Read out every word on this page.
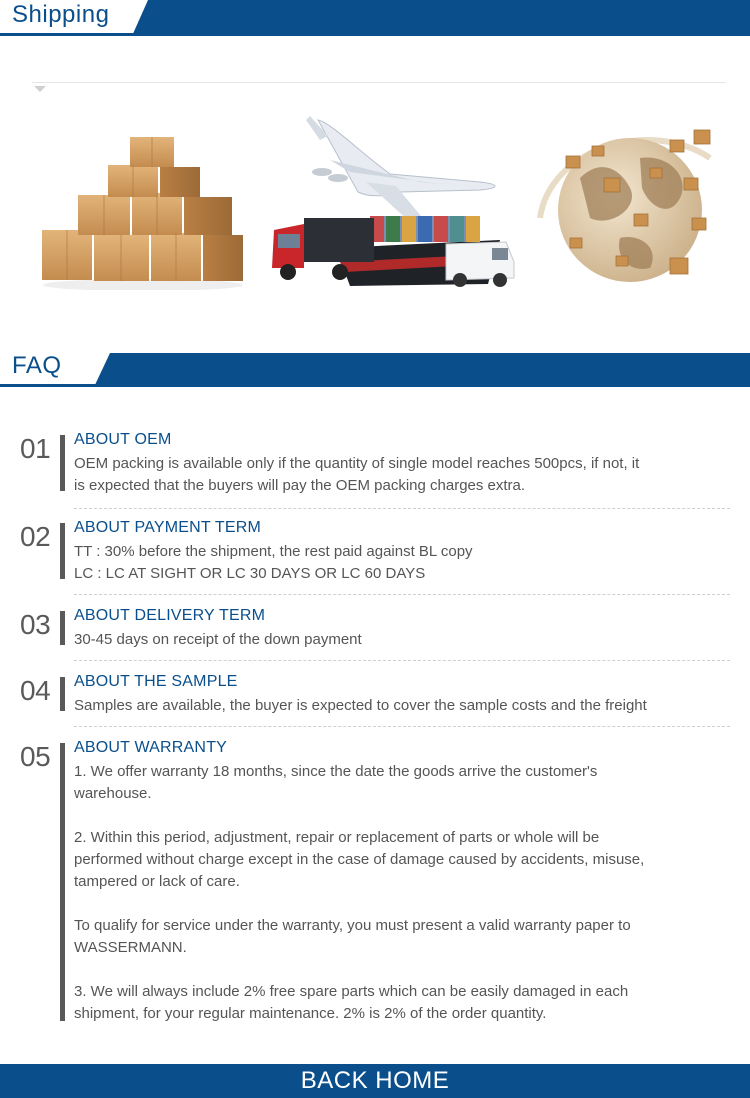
Shipping
FAQ
01 ABOUT OEM

OEM packing is available only if the quantity of single model reaches 500pcs, if not, it

is expected that the buyers will pay the OEM packing charges extra.

02 ABOUT PAYMENT TERM

TT : 30% before the shipment, the rest paid against BL copy

LC : LC AT SIGHT OR LC 30 DAYS OR LC 60 DAYS

03 ABOUT DELIVERY TERM

30-45 days on receipt of the down payment

04 ABOUT THE SAMPLE

Samples are available, the buyer is expected to cover the sample costs and the freight

05 ABOUT WARRANTY

1. We offer warranty 18 months, since the date the goods arrive the customer's

warehouse.

2. Within this period, adjustment, repair or replacement of parts or whole will be

performed without charge except in the case of damage caused by accidents, misuse,

tampered or lack of care.

To qualify for service under the warranty, you must present a valid warranty paper to

WASSERMANN.

3. We will always include 2% free spare parts which can be easily damaged in each

shipment, for your regular maintenance. 2% is 2% of the order quantity.

BACK HOME
